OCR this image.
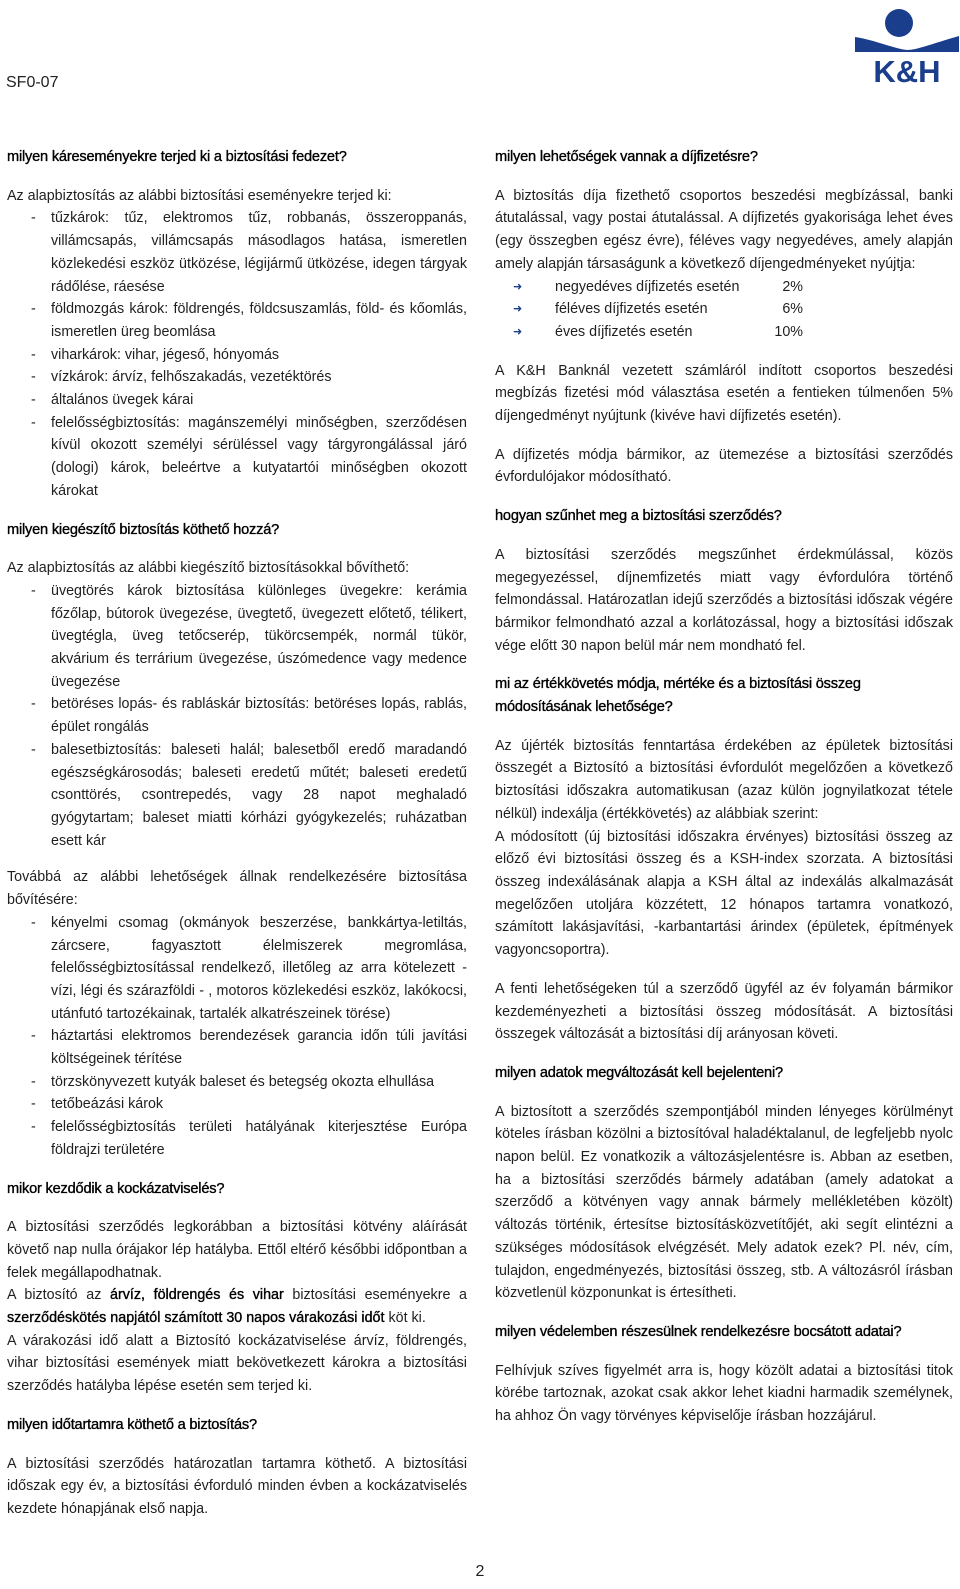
SF0-07	K&H
milyen káreseményekre terjed ki a biztosítási fedezet?

Az alapbiztosítás az alábbi biztosítási eseményekre terjed ki:

- tűzkárok: tűz, elektromos tűz, robbanás, összeroppanás, villámcsapás, villámcsapás másodlagos hatása, ismeretlen közlekedési eszköz ütközése, légijármű ütközése, idegen tárgyak rádőlése, ráesése
- földmozgás károk: földrengés, földcsuszamlás, föld- és kőomlás, ismeretlen üreg beomlása
- viharkárok: vihar, jégeső, hónyomás
- vízkárok: árvíz, felhőszakadás, vezetéktörés
- általános üvegek kárai
- felelősségbiztosítás: magánszemélyi minőségben, szerződésen kívül okozott személyi sérüléssel vagy tárgyrongálással járó (dologi) károk, beleértve a kutyatartói minőségben okozott károkat
milyen kiegészítő biztosítás köthető hozzá?

Az alapbiztosítás az alábbi kiegészítő biztosításokkal bővíthető:

- üvegtörés károk biztosítása különleges üvegekre: kerámia főzőlap, bútorok üvegezése, üvegtető, üvegezett előtető, télikert, üvegtégla, üveg tetőcserép, tükörcsempék, normál tükör, akvárium és terrárium üvegezése, úszómedence vagy medence üvegezése
- betöréses lopás- és rabláskár biztosítás: betöréses lopás, rablás, épület rongálás
- balesetbiztosítás: baleseti halál; balesetből eredő maradandó egészségkárosodás; baleseti eredetű műtét; baleseti eredetű csonttörés, csontrepedés, vagy 28 napot meghaladó gyógytartam; baleset miatti kórházi gyógykezelés; ruházatban esett kár

Továbbá az alábbi lehetőségek állnak rendelkezésére biztosítása bővítésére:

- kényelmi csomag (okmányok beszerzése, bankkártya-letiltás, zárcsere, fagyasztott élelmiszerek megromlása, felelősségbiztosítással rendelkező, illetőleg az arra kötelezett - vízi, légi és szárazföldi - , motoros közlekedési eszköz, lakókocsi, utánfutó tartozékainak, tartalék alkatrészeinek törése)
- háztartási elektromos berendezések garancia időn túli javítási költségeinek térítése
- törzskönyvezett kutyák baleset és betegség okozta elhullása
- tetőbeázási károk
- felelősségbiztosítás területi hatályának kiterjesztése Európa földrajzi területére
mikor kezdődik a kockázatviselés?

A biztosítási szerződés legkorábban a biztosítási kötvény aláírását követő nap nulla órájakor lép hatályba. Ettől eltérő későbbi időpontban a felek megállapodhatnak.

A biztosító az árvíz, földrengés és vihar biztosítási eseményekre a szerződéskötés napjától számított 30 napos várakozási időt köt ki.

A várakozási idő alatt a Biztosító kockázatviselése árvíz, földrengés, vihar biztosítási események miatt bekövetkezett károkra a biztosítási szerződés hatályba lépése esetén sem terjed ki.

milyen időtartamra köthető a biztosítás?

A biztosítási szerződés határozatlan tartamra köthető. A biztosítási időszak egy év, a biztosítási évforduló minden évben a kockázatviselés kezdete hónapjának első napja.

milyen lehetőségek vannak a díjfizetésre?

A biztosítás díja fizethető csoportos beszedési megbízással, banki átutalással, vagy postai átutalással. A díjfizetés gyakorisága lehet éves (egy összegben egész évre), féléves vagy negyedéves, amely alapján amely alapján társaságunk a következő díjengedményeket nyújtja:

➜ negyedéves díjfizetés esetén	2%
➜ féléves díjfizetés esetén	6%
➜ éves díjfizetés esetén	10%

A K&H Banknál vezetett számláról indított csoportos beszedési megbízás fizetési mód választása esetén a fentieken túlmenően 5% díjengedményt nyújtunk (kivéve havi díjfizetés esetén).

A díjfizetés módja bármikor, az ütemezése a biztosítási szerződés évfordulójakor módosítható.

hogyan szűnhet meg a biztosítási szerződés?

A biztosítási szerződés megszűnhet érdekmúlással, közös megegyezéssel, díjnemfizetés miatt vagy évfordulóra történő felmondással. Határozatlan idejű szerződés a biztosítási időszak végére bármikor felmondható azzal a korlátozással, hogy a biztosítási időszak vége előtt 30 napon belül már nem mondható fel.

mi az értékkövetés módja, mértéke és a biztosítási összeg módosításának lehetősége?

Az újérték biztosítás fenntartása érdekében az épületek biztosítási összegét a Biztosító a biztosítási évfordulót megelőzően a következő biztosítási időszakra automatikusan (azaz külön jognyilatkozat tétele nélkül) indexálja (értékkövetés) az alábbiak szerint:

A módosított (új biztosítási időszakra érvényes) biztosítási összeg az előző évi biztosítási összeg és a KSH-index szorzata. A biztosítási összeg indexálásának alapja a KSH által az indexálás alkalmazását megelőzően utoljára közzétett, 12 hónapos tartamra vonatkozó, számított lakásjavítási, -karbantartási árindex (épületek, építmények vagyoncsoportra).

A fenti lehetőségeken túl a szerződő ügyfél az év folyamán bármikor kezdeményezheti a biztosítási összeg módosítását. A biztosítási összegek változását a biztosítási díj arányosan követi.

milyen adatok megváltozását kell bejelenteni?

A biztosított a szerződés szempontjából minden lényeges körülményt köteles írásban közölni a biztosítóval haladéktalanul, de legfeljebb nyolc napon belül. Ez vonatkozik a változásjelentésre is. Abban az esetben, ha a biztosítási szerződés bármely adatában (amely adatokat a szerződő a kötvényen vagy annak bármely mellékletében közölt) változás történik, értesítse biztosításközvetítőjét, aki segít elintézni a szükséges módosítások elvégzését. Mely adatok ezek? Pl. név, cím, tulajdon, engedményezés, biztosítási összeg, stb. A változásról írásban közvetlenül közponunkat is értesítheti.

milyen védelemben részesülnek rendelkezésre bocsátott adatai?

Felhívjuk szíves figyelmét arra is, hogy közölt adatai a biztosítási titok körébe tartoznak, azokat csak akkor lehet kiadni harmadik személynek, ha ahhoz Ön vagy törvényes képviselője írásban hozzájárul.

2
